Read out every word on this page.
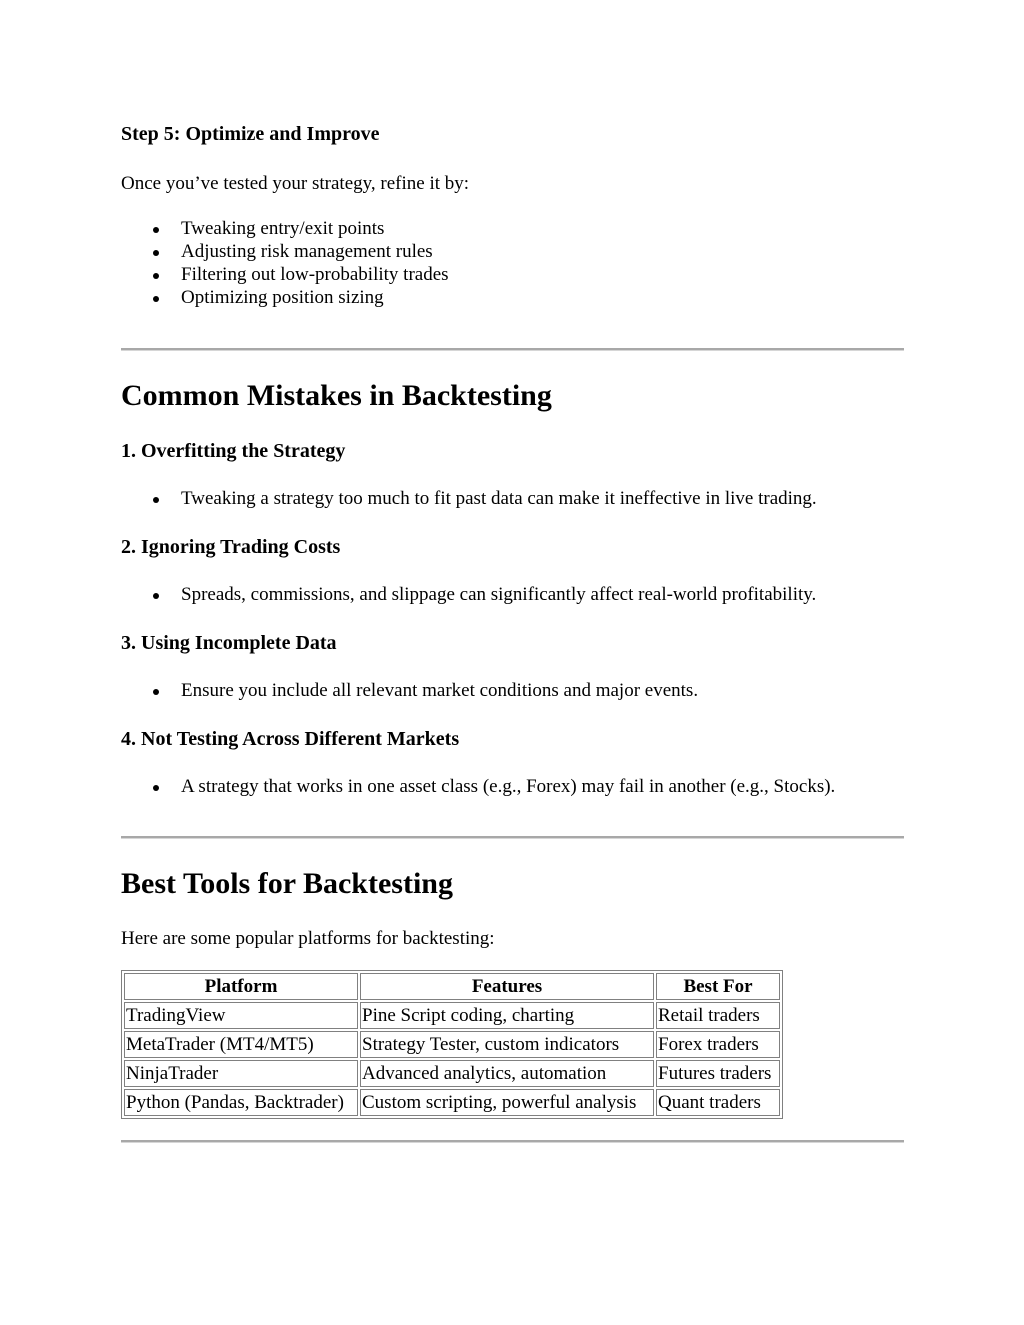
Step 5: Optimize and Improve

Once you’ve tested your strategy, refine it by:

Tweaking entry/exit points
Adjusting risk management rules
Filtering out low-probability trades
Optimizing position sizing
Common Mistakes in Backtesting
1. Overfitting the Strategy
Tweaking a strategy too much to fit past data can make it ineffective in live trading.
2. Ignoring Trading Costs
Spreads, commissions, and slippage can significantly affect real-world profitability.
3. Using Incomplete Data
Ensure you include all relevant market conditions and major events.
4. Not Testing Across Different Markets
A strategy that works in one asset class (e.g., Forex) may fail in another (e.g., Stocks).
Best Tools for Backtesting

Here are some popular platforms for backtesting:

Platform	Features	Best For
TradingView	Pine Script coding, charting	Retail traders
MetaTrader (MT4/MT5)	Strategy Tester, custom indicators	Forex traders
NinjaTrader	Advanced analytics, automation	Futures traders
Python (Pandas, Backtrader)	Custom scripting, powerful analysis	Quant traders
